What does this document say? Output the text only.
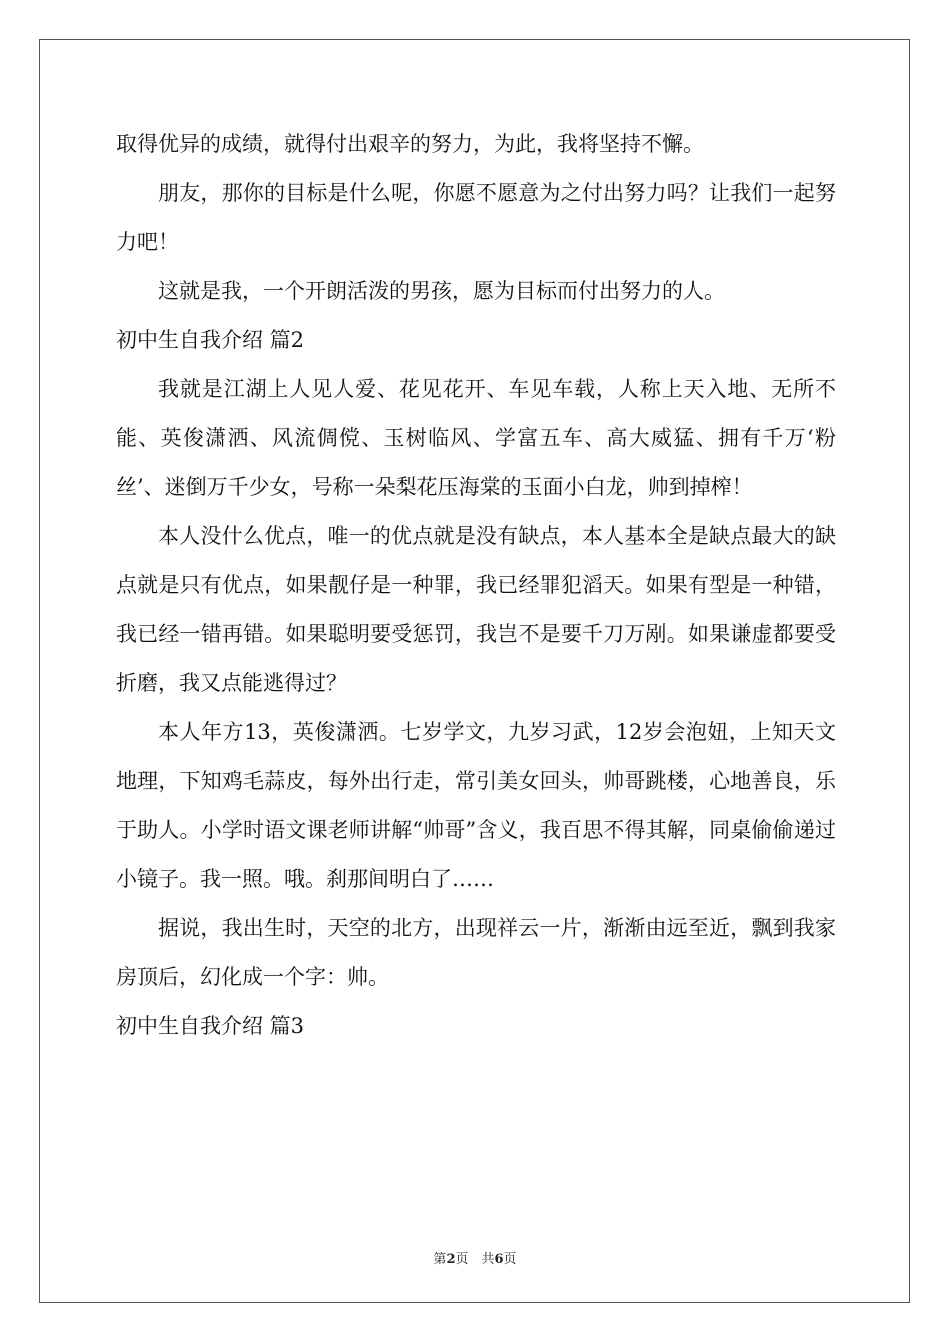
取得优异的成绩，就得付出艰辛的努力，为此，我将坚持不懈。

朋友，那你的目标是什么呢，你愿不愿意为之付出努力吗？让我们一起努力吧！

这就是我，一个开朗活泼的男孩，愿为目标而付出努力的人。

初中生自我介绍 篇2

我就是江湖上人见人爱、花见花开、车见车载，人称上天入地、无所不能、英俊潇洒、风流倜傥、玉树临风、学富五车、高大威猛、拥有千万‘粉丝’、迷倒万千少女，号称一朵梨花压海棠的玉面小白龙，帅到掉榨！

本人没什么优点，唯一的优点就是没有缺点，本人基本全是缺点最大的缺点就是只有优点，如果靓仔是一种罪，我已经罪犯滔天。如果有型是一种错，我已经一错再错。如果聪明要受惩罚，我岂不是要千刀万剐。如果谦虚都要受折磨，我又点能逃得过？

本人年方13，英俊潇洒。七岁学文，九岁习武，12岁会泡妞，上知天文地理，下知鸡毛蒜皮，每外出行走，常引美女回头，帅哥跳楼，心地善良，乐于助人。小学时语文课老师讲解“帅哥”含义，我百思不得其解，同桌偷偷递过小镜子。我一照。哦。刹那间明白了……

据说，我出生时，天空的北方，出现祥云一片，渐渐由远至近，飘到我家房顶后，幻化成一个字：帅。

初中生自我介绍 篇3

第2页　共6页
